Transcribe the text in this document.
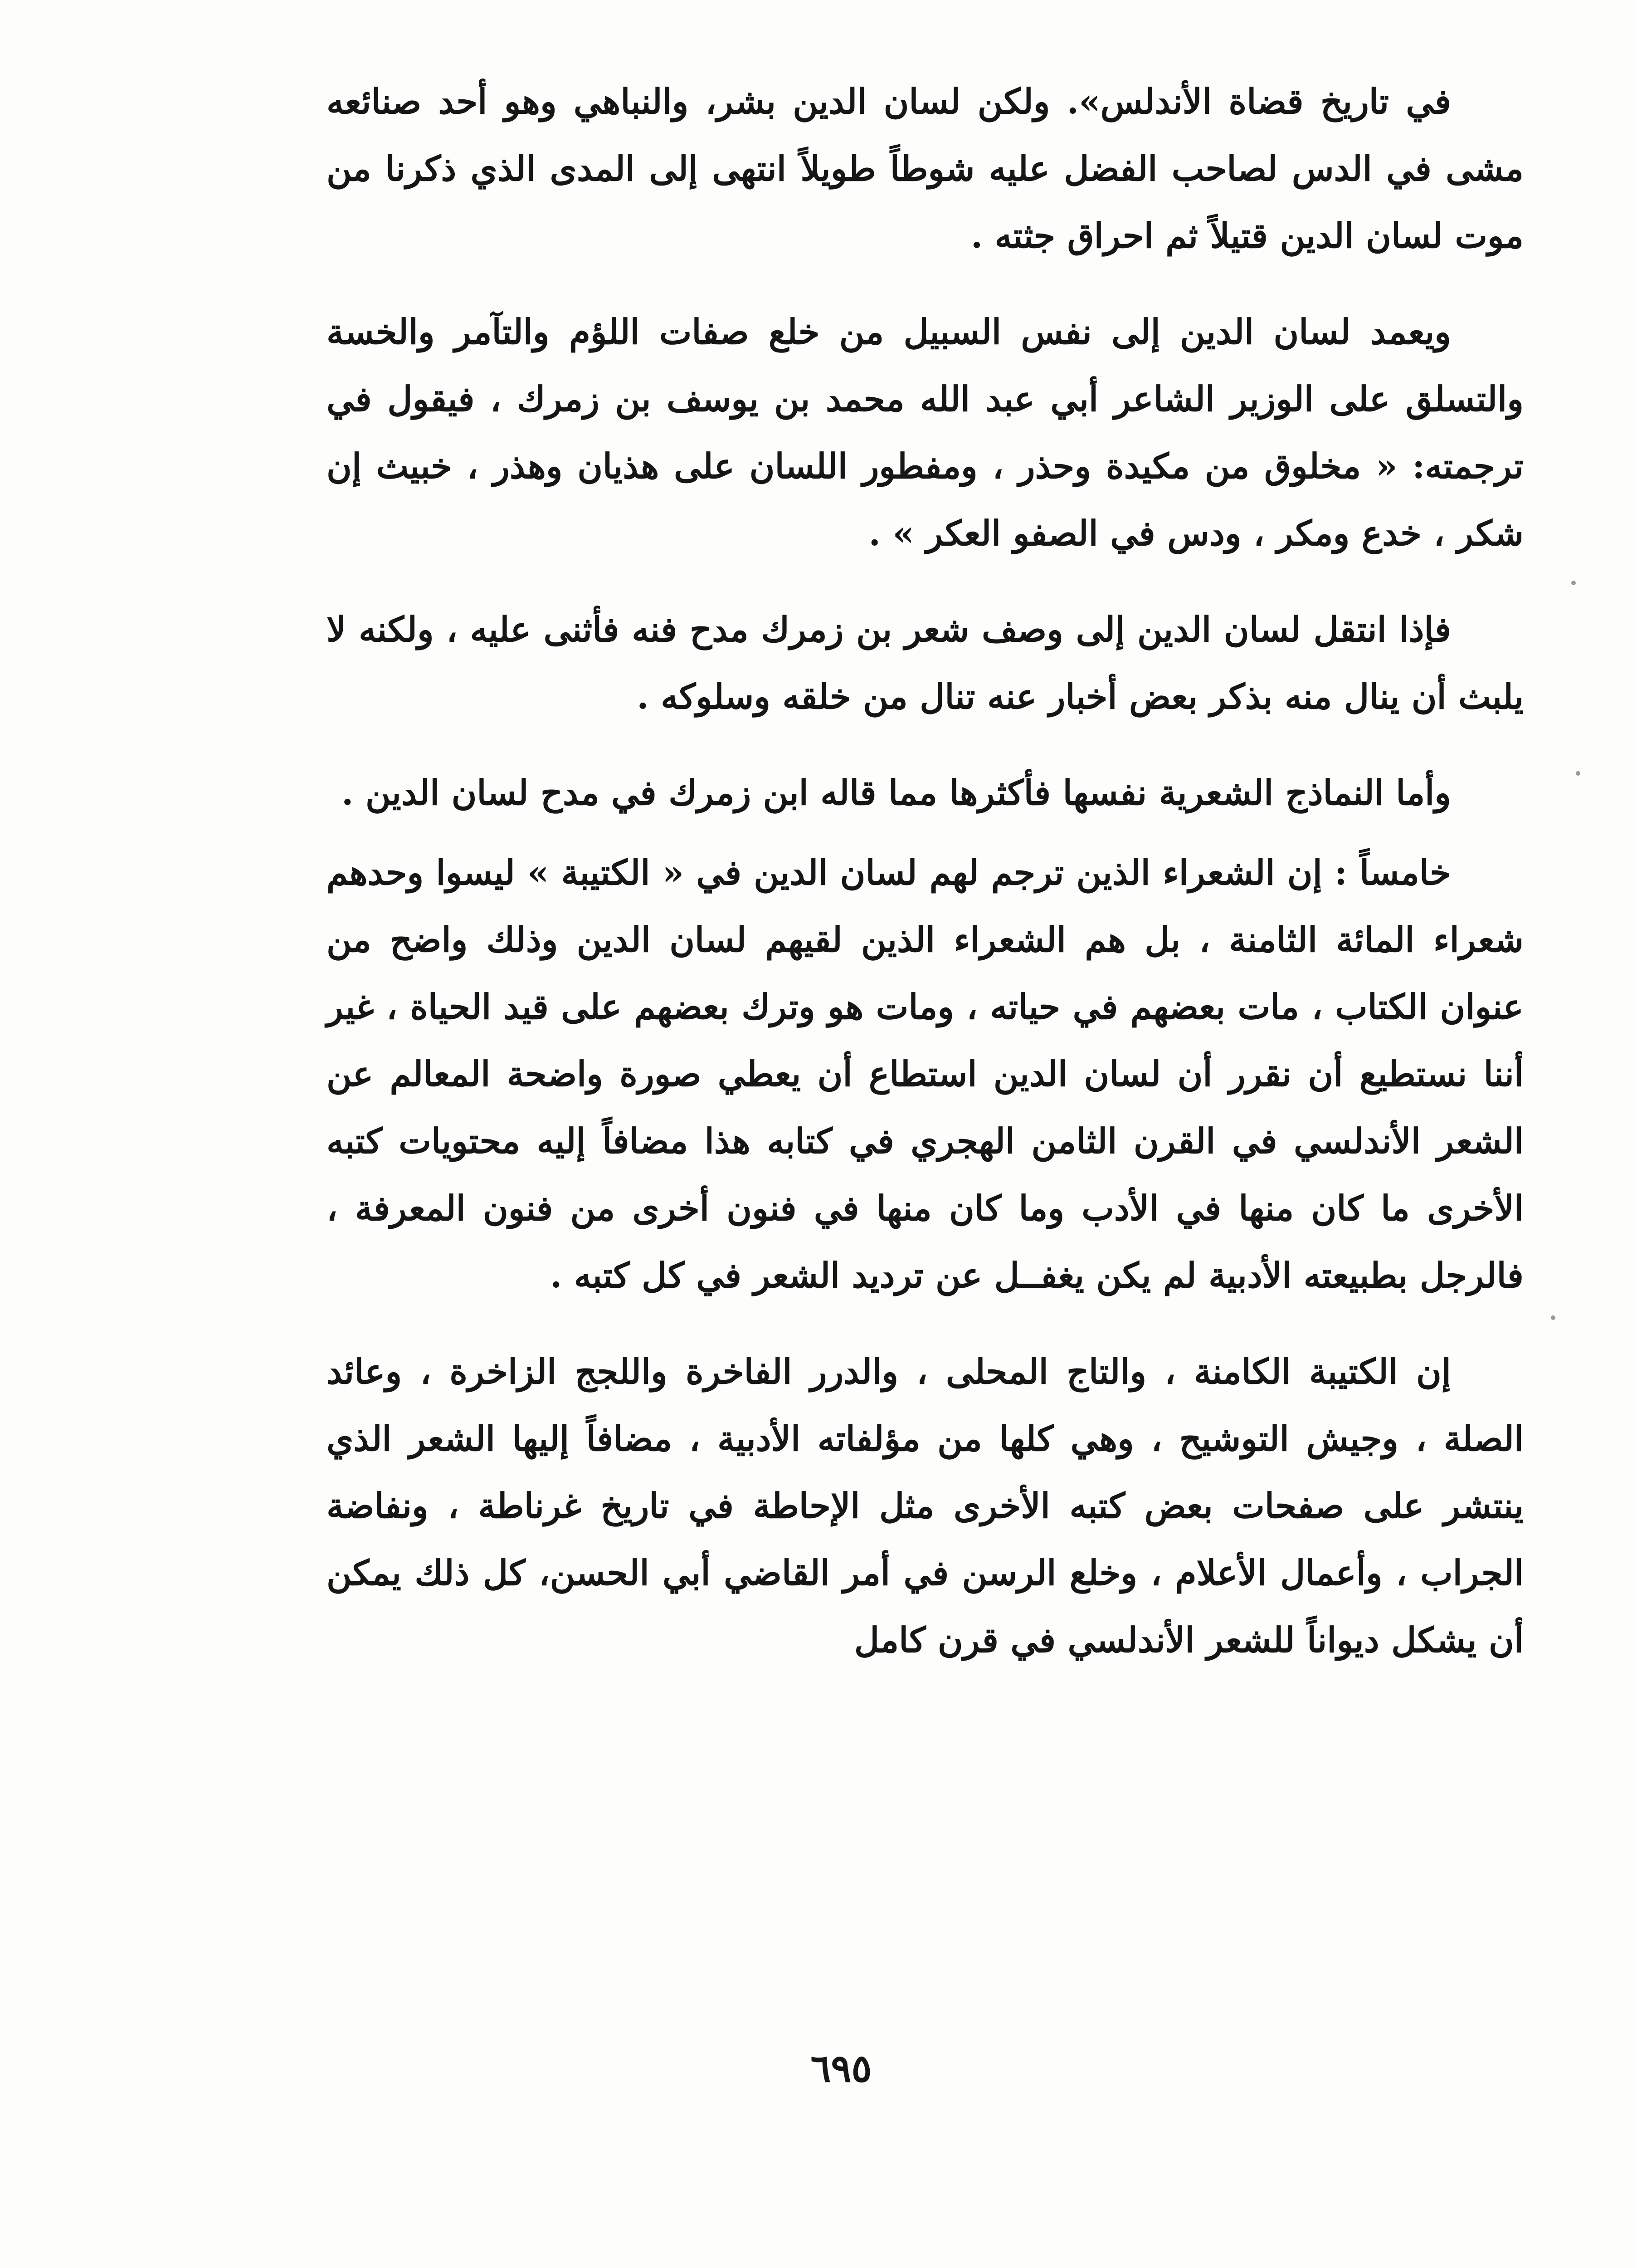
في تاريخ قضاة الأندلس». ولكن لسان الدين بشر، والنباهي وهو أحد صنائعه مشى في الدس لصاحب الفضل عليه شوطاً طويلاً انتهى إلى المدى الذي ذكرنا من موت لسان الدين قتيلاً ثم احراق جثته .

ويعمد لسان الدين إلى نفس السبيل من خلع صفات اللؤم والتآمر والخسة والتسلق على الوزير الشاعر أبي عبد الله محمد بن يوسف بن زمرك ، فيقول في ترجمته: « مخلوق من مكيدة وحذر ، ومفطور اللسان على هذيان وهذر ، خبيث إن شكر ، خدع ومكر ، ودس في الصفو العكر » .

فإذا انتقل لسان الدين إلى وصف شعر بن زمرك مدح فنه فأثنى عليه ، ولكنه لا يلبث أن ينال منه بذكر بعض أخبار عنه تنال من خلقه وسلوكه .

وأما النماذج الشعرية نفسها فأكثرها مما قاله ابن زمرك في مدح لسان الدين .

خامساً : إن الشعراء الذين ترجم لهم لسان الدين في « الكتيبة » ليسوا وحدهم شعراء المائة الثامنة ، بل هم الشعراء الذين لقيهم لسان الدين وذلك واضح من عنوان الكتاب ، مات بعضهم في حياته ، ومات هو وترك بعضهم على قيد الحياة ، غير أننا نستطيع أن نقرر أن لسان الدين استطاع أن يعطي صورة واضحة المعالم عن الشعر الأندلسي في القرن الثامن الهجري في كتابه هذا مضافاً إليه محتويات كتبه الأخرى ما كان منها في الأدب وما كان منها في فنون أخرى من فنون المعرفة ، فالرجل بطبيعته الأدبية لم يكن يغفــل عن ترديد الشعر في كل كتبه .

إن الكتيبة الكامنة ، والتاج المحلى ، والدرر الفاخرة واللجج الزاخرة ، وعائد الصلة ، وجيش التوشيح ، وهي كلها من مؤلفاته الأدبية ، مضافاً إليها الشعر الذي ينتشر على صفحات بعض كتبه الأخرى مثل الإحاطة في تاريخ غرناطة ، ونفاضة الجراب ، وأعمال الأعلام ، وخلع الرسن في أمر القاضي أبي الحسن، كل ذلك يمكن أن يشكل ديواناً للشعر الأندلسي في قرن كامل

٦٩٥
